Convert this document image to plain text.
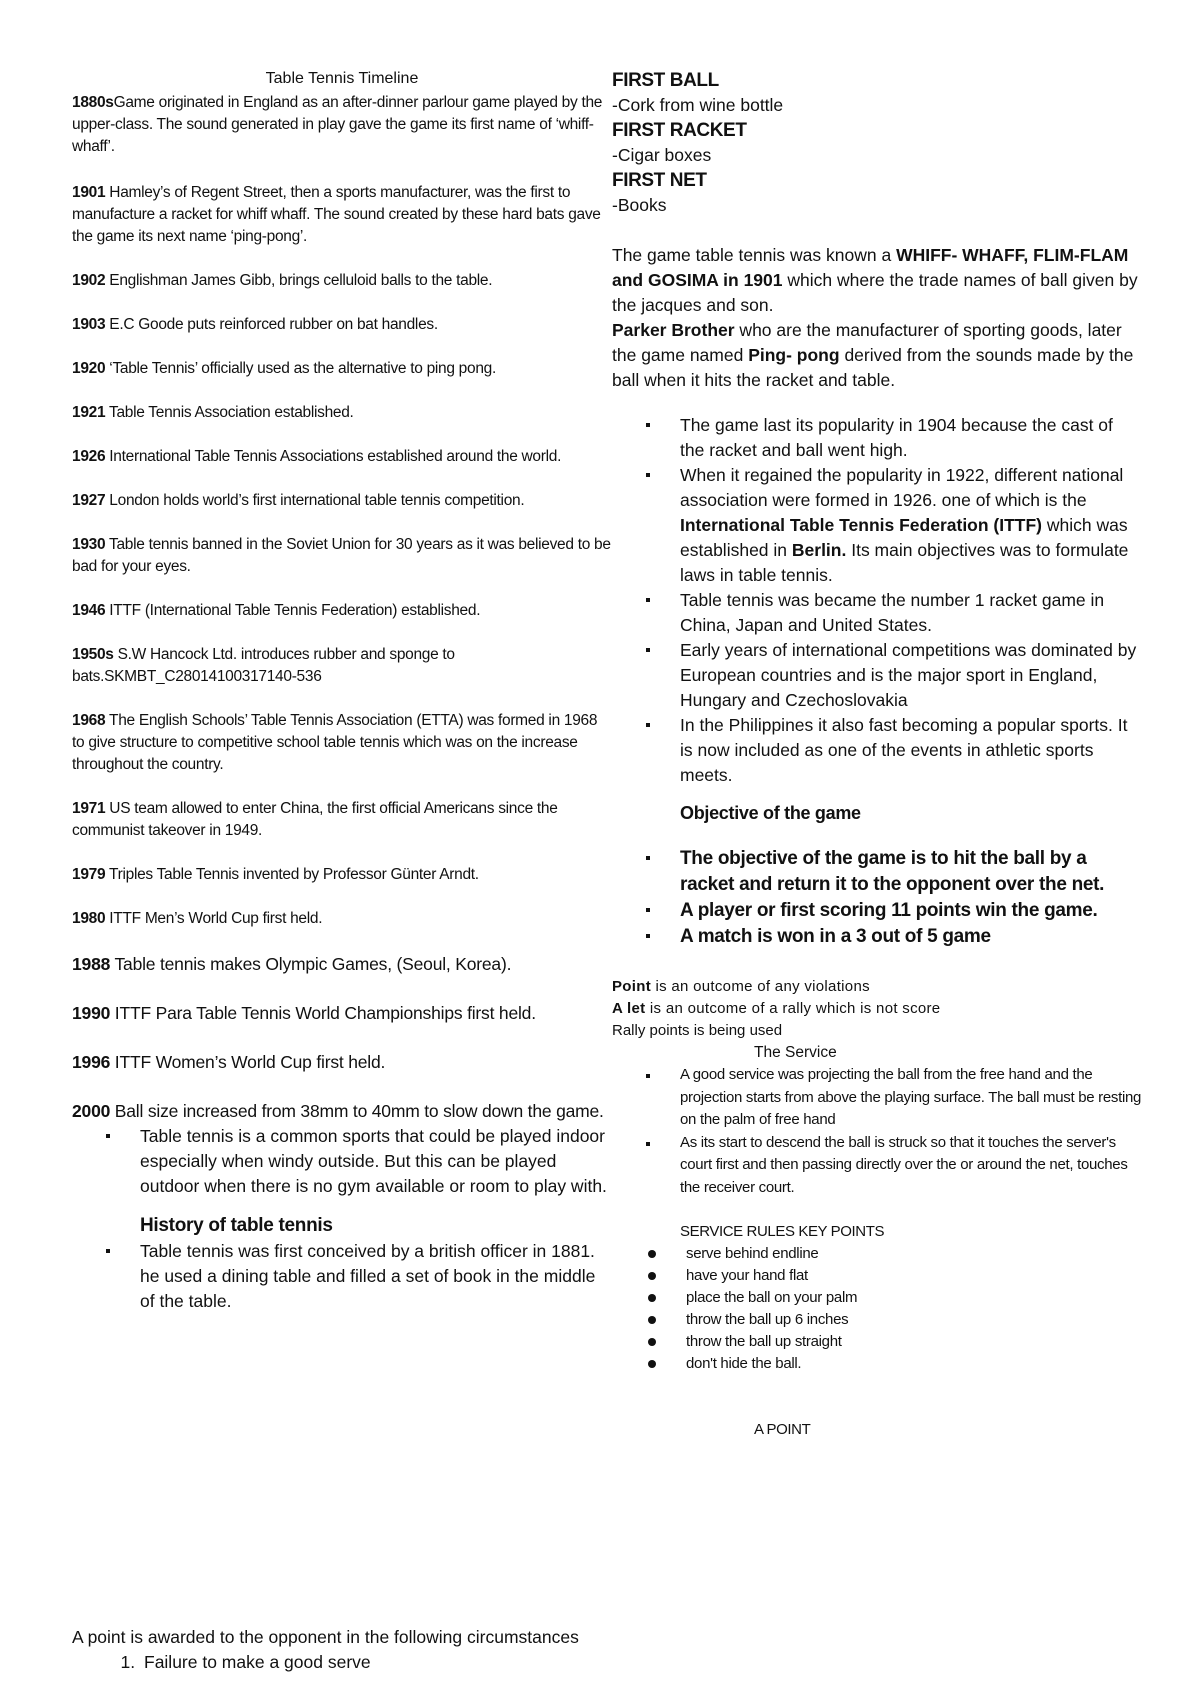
Table Tennis Timeline
1880sGame originated in England as an after-dinner parlour game played by the upper-class. The sound generated in play gave the game its first name of ‘whiff-whaff’.
1901 Hamley’s of Regent Street, then a sports manufacturer, was the first to manufacture a racket for whiff whaff. The sound created by these hard bats gave the game its next name ‘ping-pong’.
1902 Englishman James Gibb, brings celluloid balls to the table.
1903 E.C Goode puts reinforced rubber on bat handles.
1920 ‘Table Tennis’ officially used as the alternative to ping pong.
1921 Table Tennis Association established.
1926 International Table Tennis Associations established around the world.
1927 London holds world’s first international table tennis competition.
1930 Table tennis banned in the Soviet Union for 30 years as it was believed to be bad for your eyes.
1946 ITTF (International Table Tennis Federation) established.
1950s S.W Hancock Ltd. introduces rubber and sponge to bats.SKMBT_C28014100317140-536
1968 The English Schools’ Table Tennis Association (ETTA) was formed in 1968 to give structure to competitive school table tennis which was on the increase throughout the country.
1971 US team allowed to enter China, the first official Americans since the communist takeover in 1949.
1979 Triples Table Tennis invented by Professor Günter Arndt.
1980 ITTF Men’s World Cup first held.
1988 Table tennis makes Olympic Games, (Seoul, Korea).
1990 ITTF Para Table Tennis World Championships first held.
1996 ITTF Women’s World Cup first held.
2000 Ball size increased from 38mm to 40mm to slow down the game.
Table tennis is a common sports that could be played indoor especially when windy outside. But this can be played outdoor when there is no gym available or room to play with.
History of table tennis
Table tennis was first conceived by a british officer in 1881. he used a dining table and filled a set of book in the middle of the table.
FIRST BALL
-Cork from wine bottle
FIRST RACKET
-Cigar boxes
FIRST NET
-Books

The game table tennis was known a WHIFF- WHAFF, FLIM-FLAM and GOSIMA in 1901 which where the trade names of ball given by the jacques and son.

Parker Brother who are the manufacturer of sporting goods, later the game named Ping- pong derived from the sounds made by the ball when it hits the racket and table.

The game last its popularity in 1904 because the cast of the racket and ball went high.
When it regained the popularity in 1922, different national association were formed in 1926. one of which is the International Table Tennis Federation (ITTF) which was established in Berlin. Its main objectives was to formulate laws in table tennis.
Table tennis was became the number 1 racket game in China, Japan and United States.
Early years of international competitions was dominated by European countries and is the major sport in England, Hungary and Czechoslovakia
In the Philippines it also fast becoming a popular sports. It is now included as one of the events in athletic sports meets.
Objective of the game
The objective of the game is to hit the ball by a racket and return it to the opponent over the net.
A player or first scoring 11 points win the game.
A match is won in a 3 out of 5 game

Point is an outcome of any violations

A let is an outcome of a rally which is not score

Rally points is being used

The Service
A good service was projecting the ball from the free hand and the projection starts from above the playing surface. The ball must be resting on the palm of free hand
As its start to descend the ball is struck so that it touches the server's court first and then passing directly over the or around the net, touches the receiver court.
SERVICE RULES KEY POINTS
serve behind endline
have your hand flat
place the ball on your palm
throw the ball up 6 inches
throw the ball up straight
don't hide the ball.
A POINT

A point is awarded to the opponent in the following circumstances

1. Failure to make a good serve
